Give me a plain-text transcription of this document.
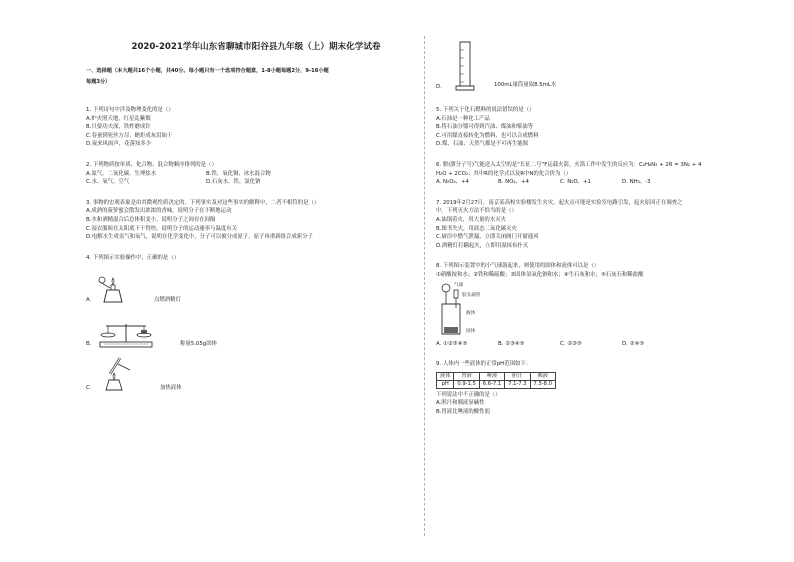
2020-2021学年山东省聊城市阳谷县九年级（上）期末化学试卷
一、选择题（本大题共16个小题，共40分。每小题只有一个选项符合题意，1-8小题每题2分，9-16小题
每题3分）

1. 下列诗句中涉及物理变化的是（）

A.炉火照天地，红星乱紫烟

B.只要功夫深，铁杵磨成针

C.春蚕到死丝方尽，蜡炬成灰泪始干

D.夜来风雨声，花落知多少

2. 下列物质按单质、化合物、混合物顺序排列的是（）

A.氮气、二氧化碳、生理盐水	B.铁、氧化铜、冰水混合物
C.水、氧气、空气	D.石灰水、铁、氯化钠

3. 事物的宏观表象是由其微观性质决定的。下列事实及对这些事实的解释中，二者不相符的是（）

A.成熟的菠萝蜜会散发出浓浓的香味，说明分子在不断地运动

B.水和酒精混合后总体积变小，说明分子之间存在间隔

C.湿衣服晾在太阳底下干得快，说明分子的运动速率与温度有关

D.电解水生成氢气和氧气，说明在化学变化中，分子可以被分成原子，原子再重新组合成新分子

4. 下列图示实验操作中，正确的是（）

A.	点燃酒精灯
B.	称量5.05g固体
C.	加热液体
D.	100mL量筒量取8.5mL水

5. 下列关于化石燃料的说法错误的是（）

A.石油是一种化工产品

B.将石油分馏可得到汽油、煤油和柴油等

C.可用煤直接转化为燃料，也可以合成燃料

D.煤、石油、天然气都是不可再生能源

6. 肼(肼分子号)气能送入太空的是“长征二号”F运载火箭，火箭工作中发生的反应为：C₂H₈N₂ + 2R = 3N₂ + 4

H₂O + 2CO₂；其中R的化学式以及R中N的化合价为（）

A. N₂O₄、+4	B. NO₂、+4	C. N₂O、+1	D. NH₃、-3

7. 2019年2月27日，南京某高校实验楼发生火灾。起火点可能是实验室电路引发，起火原因正在调查之

中。下列灭火方法不恰当的是（）

A.油锅着火，用大量的水灭火

B.图书失火，用液态二氧化碳灭火

C.厨房中燃气泄漏，立即关闭阀门开窗通风

D.酒精灯打翻起火，立即用湿抹布扑灭

8. 下列图示装置中的小气球鼓起来，则使用的固体和液体可以是（）

①硝酸铵和水；②铁和稀硫酸；③固体氢氧化钠和水；④生石灰和水；⑤石灰石和稀盐酸

气球
胶头滴管
液体
固体
A. ①②③④⑤	B. ②③④⑤	C. ②③⑤	D. ②④⑤

9. 人体内一些液体的正常pH范围如下：

液体	胃液	唾液	胆汁	胰液
pH	0.9-1.5	6.6-7.1	7.1-7.3	7.5-8.0

下列说法中不正确的是（）

A.胆汁和胰液显碱性

B.胃液比唾液的酸性弱
